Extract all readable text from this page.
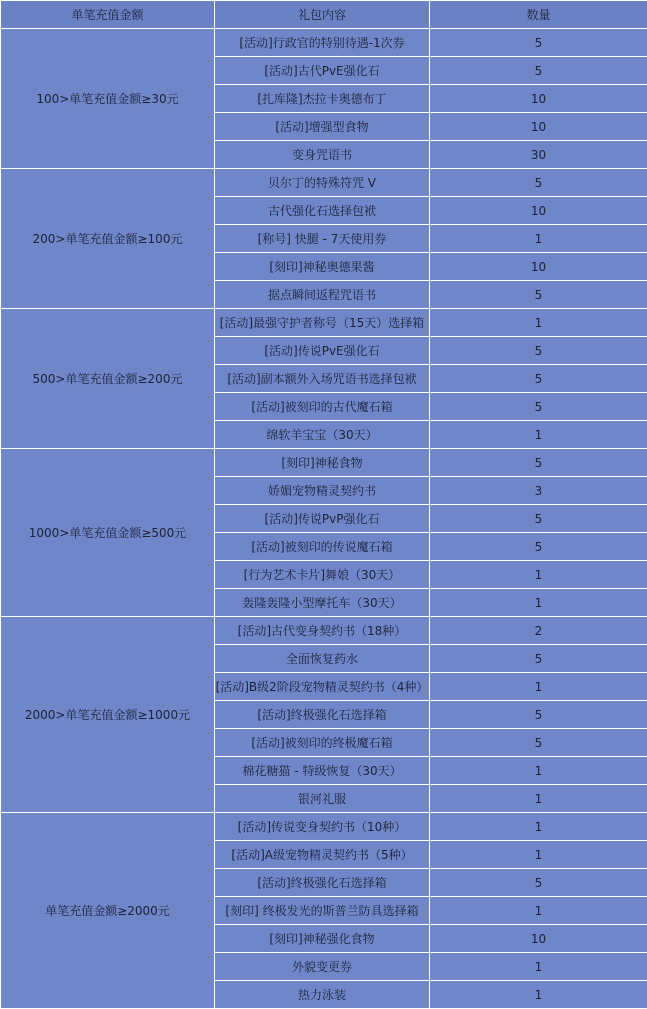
单笔充值金额	礼包内容	数量
100>单笔充值金额≥30元	[活动]行政官的特别待遇-1次券	5
	[活动]古代PvE强化石	5
	[扎库隆]杰拉卡奥德布丁	10
	[活动]增强型食物	10
	变身咒语书	30
200>单笔充值金额≥100元	贝尔丁的特殊符咒 V	5
	古代强化石选择包袱	10
	[称号] 快腿 - 7天使用券	1
	[刻印]神秘奥德果酱	10
	据点瞬间返程咒语书	5
500>单笔充值金额≥200元	[活动]最强守护者称号（15天）选择箱	1
	[活动]传说PvE强化石	5
	[活动]副本额外入场咒语书选择包袱	5
	[活动]被刻印的古代魔石箱	5
	绵软羊宝宝（30天）	1
1000>单笔充值金额≥500元	[刻印]神秘食物	5
	娇媚宠物精灵契约书	3
	[活动]传说PvP强化石	5
	[活动]被刻印的传说魔石箱	5
	[行为艺术卡片]舞娘（30天）	1
	轰隆轰隆小型摩托车（30天）	1
2000>单笔充值金额≥1000元	[活动]古代变身契约书（18种）	2
	全面恢复药水	5
	[活动]B级2阶段宠物精灵契约书（4种）	1
	[活动]终极强化石选择箱	5
	[活动]被刻印的终极魔石箱	5
	棉花糖猫 - 特级恢复（30天）	1
	银河礼服	1
单笔充值金额≥2000元	[活动]传说变身契约书（10种）	1
	[活动]A级宠物精灵契约书（5种）	1
	[活动]终极强化石选择箱	5
	[刻印] 终极发光的斯普兰防具选择箱	1
	[刻印]神秘强化食物	10
	外貌变更券	1
	热力泳装	1
